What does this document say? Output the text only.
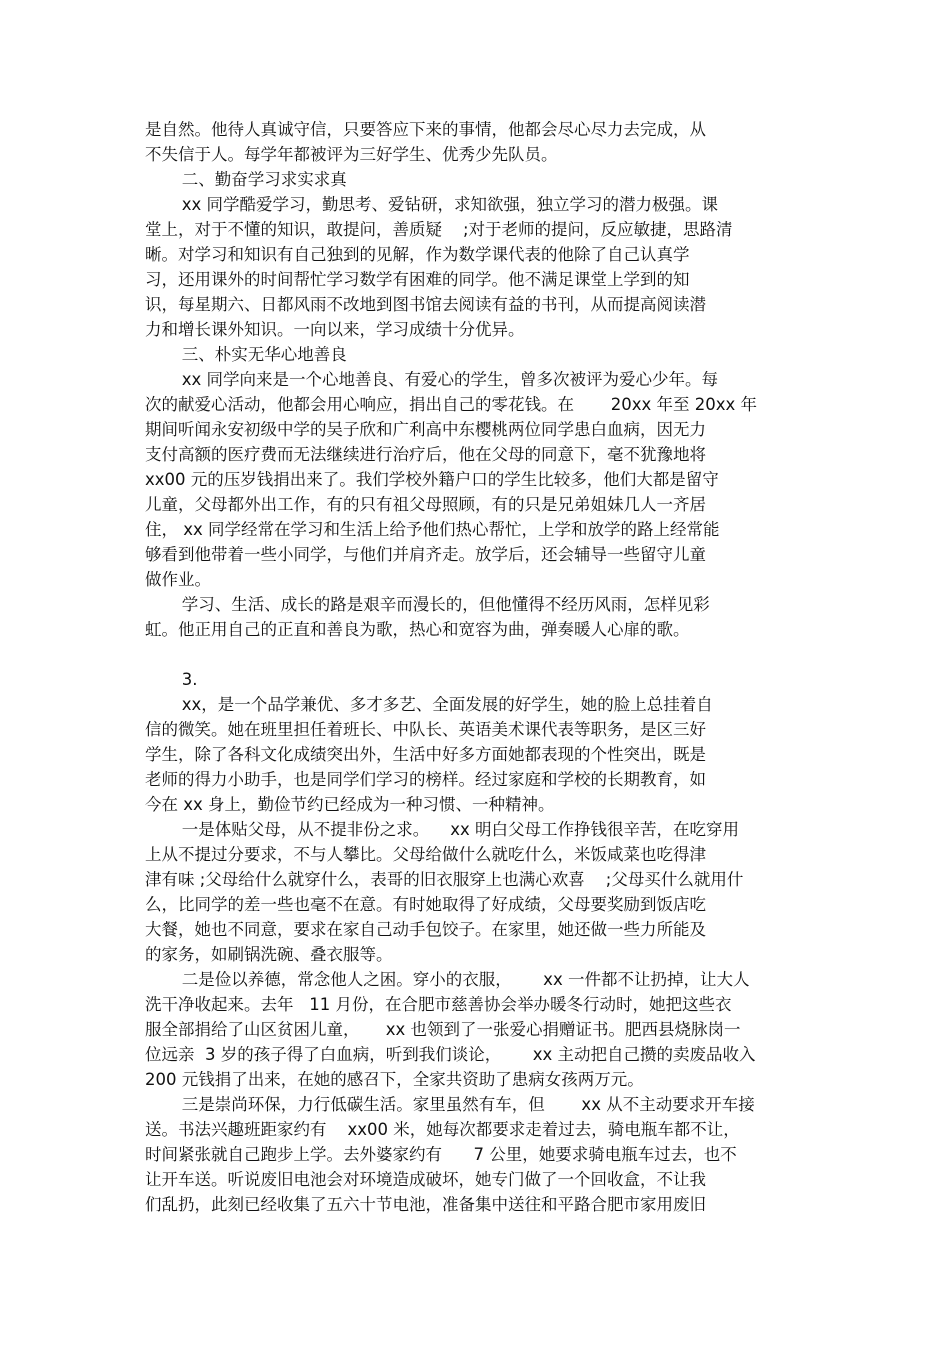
是自然。他待人真诚守信，只要答应下来的事情，他都会尽心尽力去完成，从
不失信于人。每学年都被评为三好学生、优秀少先队员。
二、勤奋学习求实求真
xx 同学酷爱学习，勤思考、爱钻研，求知欲强，独立学习的潜力极强。课
堂上，对于不懂的知识，敢提问，善质疑    ;对于老师的提问，反应敏捷，思路清
晰。对学习和知识有自己独到的见解，作为数学课代表的他除了自己认真学
习，还用课外的时间帮忙学习数学有困难的同学。他不满足课堂上学到的知
识，每星期六、日都风雨不改地到图书馆去阅读有益的书刊，从而提高阅读潜
力和增长课外知识。一向以来，学习成绩十分优异。
三、朴实无华心地善良
xx 同学向来是一个心地善良、有爱心的学生，曾多次被评为爱心少年。每
次的献爱心活动，他都会用心响应，捐出自己的零花钱。在       20xx 年至 20xx 年
期间听闻永安初级中学的吴子欣和广利高中东樱桃两位同学患白血病，因无力
支付高额的医疗费而无法继续进行治疗后，他在父母的同意下，毫不犹豫地将
xx00 元的压岁钱捐出来了。我们学校外籍户口的学生比较多，他们大都是留守
儿童，父母都外出工作，有的只有祖父母照顾，有的只是兄弟姐妹几人一齐居
住， xx 同学经常在学习和生活上给予他们热心帮忙，上学和放学的路上经常能
够看到他带着一些小同学，与他们并肩齐走。放学后，还会辅导一些留守儿童
做作业。
学习、生活、成长的路是艰辛而漫长的，但他懂得不经历风雨，怎样见彩
虹。他正用自己的正直和善良为歌，热心和宽容为曲，弹奏暖人心扉的歌。
3.
xx，是一个品学兼优、多才多艺、全面发展的好学生，她的脸上总挂着自
信的微笑。她在班里担任着班长、中队长、英语美术课代表等职务，是区三好
学生，除了各科文化成绩突出外，生活中好多方面她都表现的个性突出，既是
老师的得力小助手，也是同学们学习的榜样。经过家庭和学校的长期教育，如
今在 xx 身上，勤俭节约已经成为一种习惯、一种精神。
一是体贴父母，从不提非份之求。    xx 明白父母工作挣钱很辛苦，在吃穿用
上从不提过分要求，不与人攀比。父母给做什么就吃什么，米饭咸菜也吃得津
津有味 ;父母给什么就穿什么，表哥的旧衣服穿上也满心欢喜    ;父母买什么就用什
么，比同学的差一些也毫不在意。有时她取得了好成绩，父母要奖励到饭店吃
大餐，她也不同意，要求在家自己动手包饺子。在家里，她还做一些力所能及
的家务，如刷锅洗碗、叠衣服等。
二是俭以养德，常念他人之困。穿小的衣服，      xx 一件都不让扔掉，让大人
洗干净收起来。去年   11 月份，在合肥市慈善协会举办暖冬行动时，她把这些衣
服全部捐给了山区贫困儿童，     xx 也领到了一张爱心捐赠证书。肥西县烧脉岗一
位远亲  3 岁的孩子得了白血病，听到我们谈论，      xx 主动把自己攒的卖废品收入
200 元钱捐了出来，在她的感召下，全家共资助了患病女孩两万元。
三是崇尚环保，力行低碳生活。家里虽然有车，但       xx 从不主动要求开车接
送。书法兴趣班距家约有    xx00 米，她每次都要求走着过去，骑电瓶车都不让，
时间紧张就自己跑步上学。去外婆家约有      7 公里，她要求骑电瓶车过去，也不
让开车送。听说废旧电池会对环境造成破坏，她专门做了一个回收盒，不让我
们乱扔，此刻已经收集了五六十节电池，准备集中送往和平路合肥市家用废旧
